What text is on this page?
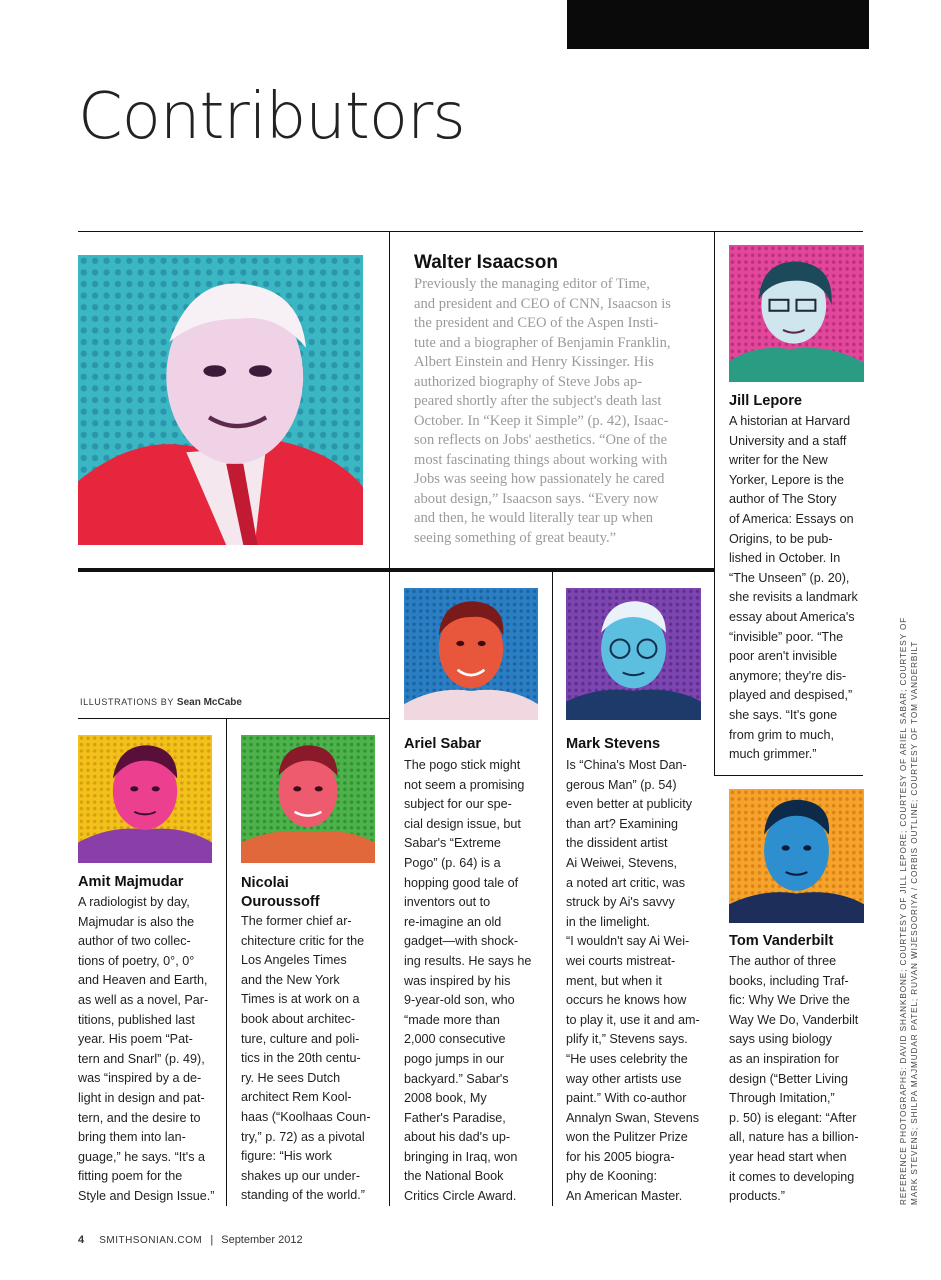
Contributors
Walter Isaacson
Previously the managing editor of Time,
and president and CEO of CNN, Isaacson is
the president and CEO of the Aspen Insti-
tute and a biographer of Benjamin Franklin,
Albert Einstein and Henry Kissinger. His
authorized biography of Steve Jobs ap-
peared shortly after the subject's death last
October. In “Keep it Simple” (p. 42), Isaac-
son reflects on Jobs' aesthetics. “One of the
most fascinating things about working with
Jobs was seeing how passionately he cared
about design,” Isaacson says. “Every now
and then, he would literally tear up when
seeing something of great beauty.”
Jill Lepore
A historian at Harvard
University and a staff
writer for the New
Yorker, Lepore is the
author of The Story
of America: Essays on
Origins, to be pub-
lished in October. In
“The Unseen” (p. 20),
she revisits a landmark
essay about America's
“invisible” poor. “The
poor aren't invisible
anymore; they're dis-
played and despised,”
she says. “It's gone
from grim to much,
much grimmer.”
Ariel Sabar
The pogo stick might
not seem a promising
subject for our spe-
cial design issue, but
Sabar's “Extreme
Pogo” (p. 64) is a
hopping good tale of
inventors out to
re-imagine an old
gadget—with shock-
ing results. He says he
was inspired by his
9-year-old son, who
“made more than
2,000 consecutive
pogo jumps in our
backyard.” Sabar's
2008 book, My
Father's Paradise,
about his dad's up-
bringing in Iraq, won
the National Book
Critics Circle Award.
Mark Stevens
Is “China's Most Dan-
gerous Man” (p. 54)
even better at publicity
than art? Examining
the dissident artist
Ai Weiwei, Stevens,
a noted art critic, was
struck by Ai's savvy
in the limelight.
“I wouldn't say Ai Wei-
wei courts mistreat-
ment, but when it
occurs he knows how
to play it, use it and am-
plify it,” Stevens says.
“He uses celebrity the
way other artists use
paint.” With co-author
Annalyn Swan, Stevens
won the Pulitzer Prize
for his 2005 biogra-
phy de Kooning:
An American Master.
Amit Majmudar
A radiologist by day,
Majmudar is also the
author of two collec-
tions of poetry, 0°, 0°
and Heaven and Earth,
as well as a novel, Par-
titions, published last
year. His poem “Pat-
tern and Snarl” (p. 49),
was “inspired by a de-
light in design and pat-
tern, and the desire to
bring them into lan-
guage,” he says. “It's a
fitting poem for the
Style and Design Issue.”
Nicolai
Ouroussoff
The former chief ar-
chitecture critic for the
Los Angeles Times
and the New York
Times is at work on a
book about architec-
ture, culture and poli-
tics in the 20th centu-
ry. He sees Dutch
architect Rem Kool-
haas (“Koolhaas Coun-
try,” p. 72) as a pivotal
figure: “His work
shakes up our under-
standing of the world.”
Tom Vanderbilt
The author of three
books, including Traf-
fic: Why We Drive the
Way We Do, Vanderbilt
says using biology
as an inspiration for
design (“Better Living
Through Imitation,”
p. 50) is elegant: “After
all, nature has a billion-
year head start when
it comes to developing
products.”
ILLUSTRATIONS BY Sean McCabe	REFERENCE PHOTOGRAPHS: DAVID SHANKBONE; COURTESY OF JILL LEPORE; COURTESY OF ARIEL SABAR; COURTESY OF MARK STEVENS; SHILPA MAJMUDAR PATEL; RUVAN WIJESOORIYA / CORBIS OUTLINE; COURTESY OF TOM VANDERBILT
4 SMITHSONIAN.COM | September 2012
